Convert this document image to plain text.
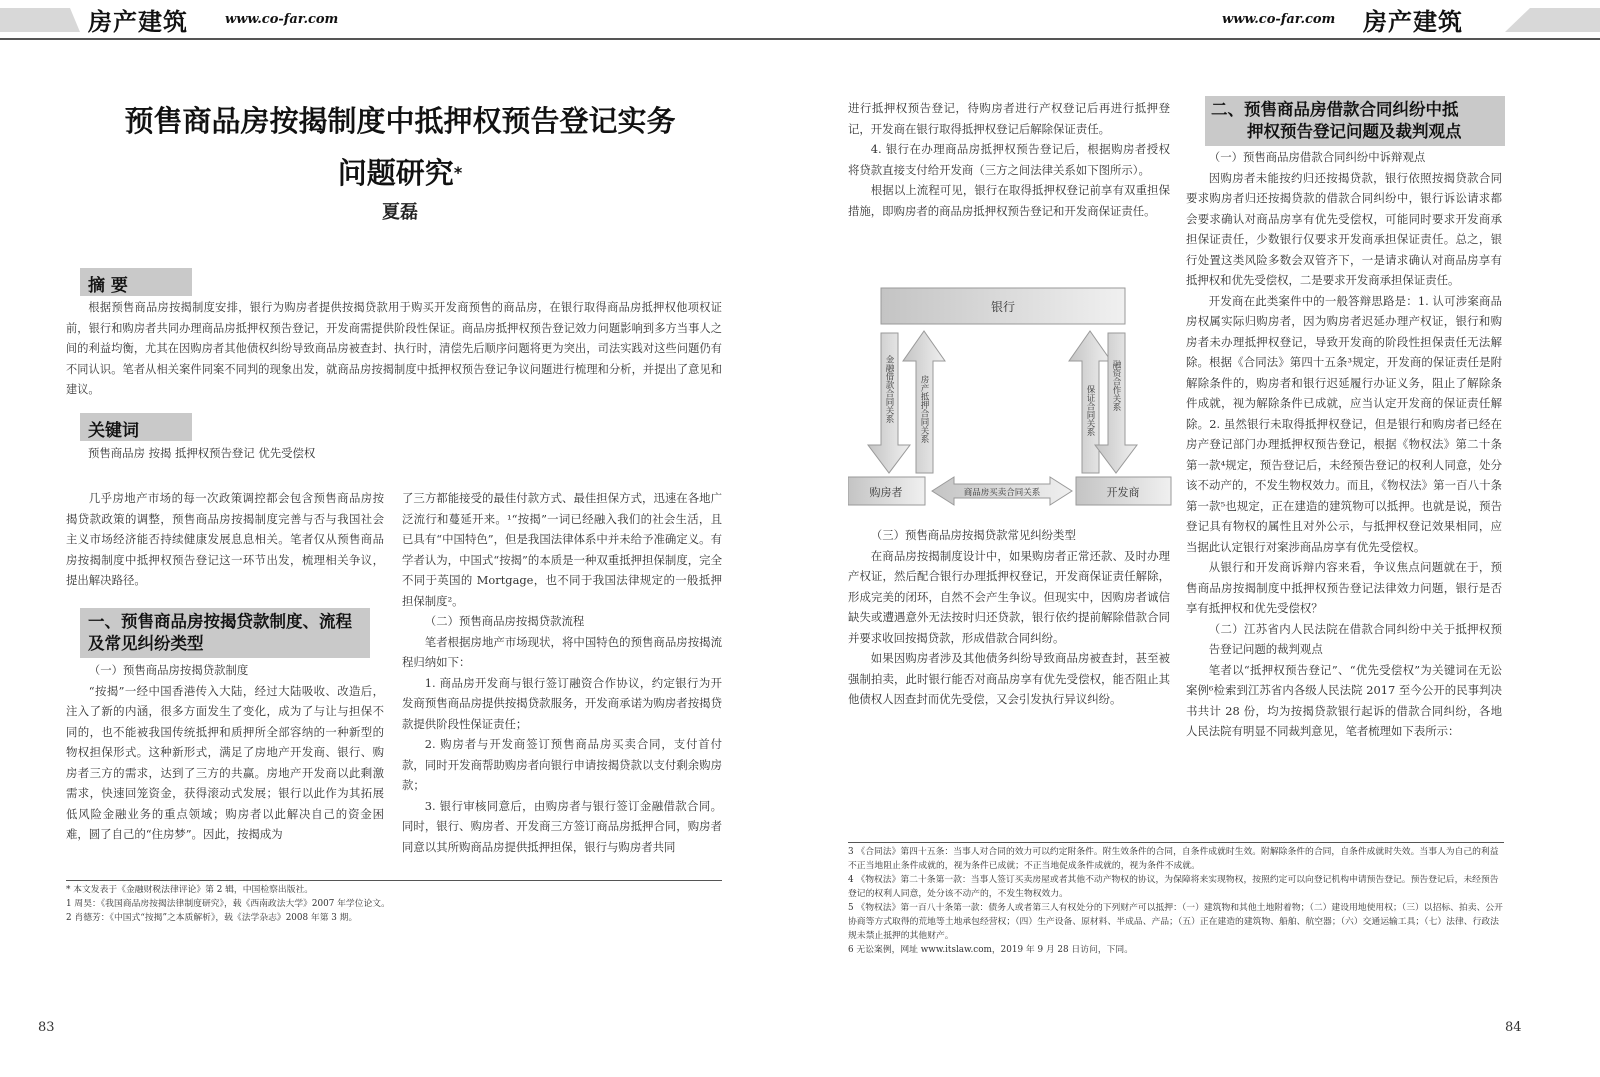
房产建筑	www.co-far.com	www.co-far.com 房产建筑
预售商品房按揭制度中抵押权预告登记实务
问题研究*
夏磊
摘 要

根据预售商品房按揭制度安排，银行为购房者提供按揭贷款用于购买开发商预售的商品房，在银行取得商品房抵押权他项权证前，银行和购房者共同办理商品房抵押权预告登记，开发商需提供阶段性保证。商品房抵押权预告登记效力问题影响到多方当事人之间的利益均衡，尤其在因购房者其他债权纠纷导致商品房被查封、执行时，清偿先后顺序问题将更为突出，司法实践对这些问题仍有不同认识。笔者从相关案件同案不同判的现象出发，就商品房按揭制度中抵押权预告登记争议问题进行梳理和分析，并提出了意见和建议。

关键词
预售商品房 按揭 抵押权预告登记 优先受偿权

几乎房地产市场的每一次政策调控都会包含预售商品房按揭贷款政策的调整，预售商品房按揭制度完善与否与我国社会主义市场经济能否持续健康发展息息相关。笔者仅从预售商品房按揭制度中抵押权预告登记这一环节出发，梳理相关争议，提出解决路径。

一、预售商品房按揭贷款制度、流程及常见纠纷类型
（一）预售商品房按揭贷款制度

“按揭”一经中国香港传入大陆，经过大陆吸收、改造后，注入了新的内涵，很多方面发生了变化，成为了与让与担保不同的，也不能被我国传统抵押和质押所全部容纳的一种新型的物权担保形式。这种新形式，满足了房地产开发商、银行、购房者三方的需求，达到了三方的共赢。房地产开发商以此剩激需求，快速回笼资金，获得滚动式发展；银行以此作为其拓展低风险金融业务的重点领域；购房者以此解决自己的资金困难，圆了自己的“住房梦”。因此，按揭成为

了三方都能接受的最佳付款方式、最佳担保方式，迅速在各地广泛流行和蔓延开来。¹“按揭”一词已经融入我们的社会生活，且已具有“中国特色”，但是我国法律体系中并未给予准确定义。有学者认为，中国式“按揭”的本质是一种双重抵押担保制度，完全不同于英国的 Mortgage，也不同于我国法律规定的一般抵押担保制度²。

（二）预售商品房按揭贷款流程

笔者根据房地产市场现状，将中国特色的预售商品房按揭流程归纳如下：

1. 商品房开发商与银行签订融资合作协议，约定银行为开发商预售商品房提供按揭贷款服务，开发商承诺为购房者按揭贷款提供阶段性保证责任；

2. 购房者与开发商签订预售商品房买卖合同，支付首付款，同时开发商帮助购房者向银行申请按揭贷款以支付剩余购房款；

3. 银行审核同意后，由购房者与银行签订金融借款合同。同时，银行、购房者、开发商三方签订商品房抵押合同，购房者同意以其所购商品房提供抵押担保，银行与购房者共同

* 本文发表于《金融财税法律评论》第 2 辑，中国检察出版社。
1 周昊：《我国商品房按揭法律制度研究》，载《西南政法大学》2007 年学位论文。
2 肖德芳：《中国式“按揭”之本质解析》，载《法学杂志》2008 年第 3 期。

进行抵押权预告登记，待购房者进行产权登记后再进行抵押登记，开发商在银行取得抵押权登记后解除保证责任。

4. 银行在办理商品房抵押权预告登记后，根据购房者授权将贷款直接支付给开发商（三方之间法律关系如下图所示）。

根据以上流程可见，银行在取得抵押权登记前享有双重担保措施，即购房者的商品房抵押权预告登记和开发商保证责任。

银行
购房者	开发商
金融借款合同关系	房产抵押合同关系	保证合同关系 融资合作关系
商品房买卖合同关系
（三）预售商品房按揭贷款常见纠纷类型

在商品房按揭制度设计中，如果购房者正常还款、及时办理产权证，然后配合银行办理抵押权登记，开发商保证责任解除，形成完美的闭环，自然不会产生争议。但现实中，因购房者诚信缺失或遭遇意外无法按时归还贷款，银行依约提前解除借款合同并要求收回按揭贷款，形成借款合同纠纷。

如果因购房者涉及其他债务纠纷导致商品房被查封，甚至被强制拍卖，此时银行能否对商品房享有优先受偿权，能否阻止其他债权人因查封而优先受偿，又会引发执行异议纠纷。

二、预售商品房借款合同纠纷中抵
押权预告登记问题及裁判观点
（一）预售商品房借款合同纠纷中诉辩观点

因购房者未能按约归还按揭贷款，银行依照按揭贷款合同要求购房者归还按揭贷款的借款合同纠纷中，银行诉讼请求都会要求确认对商品房享有优先受偿权，可能同时要求开发商承担保证责任，少数银行仅要求开发商承担保证责任。总之，银行处置这类风险多数会双管齐下，一是请求确认对商品房享有抵押权和优先受偿权，二是要求开发商承担保证责任。

开发商在此类案件中的一般答辩思路是：1. 认可涉案商品房权属实际归购房者，因为购房者迟延办理产权证，银行和购房者未办理抵押权登记，导致开发商的阶段性担保责任无法解除。根据《合同法》第四十五条³规定，开发商的保证责任是附解除条件的，购房者和银行迟延履行办证义务，阻止了解除条件成就，视为解除条件已成就，应当认定开发商的保证责任解除。2. 虽然银行未取得抵押权登记，但是银行和购房者已经在房产登记部门办理抵押权预告登记，根据《物权法》第二十条第一款⁴规定，预告登记后，未经预告登记的权利人同意，处分该不动产的，不发生物权效力。而且，《物权法》第一百八十条第一款⁵也规定，正在建造的建筑物可以抵押。也就是说，预告登记具有物权的属性且对外公示，与抵押权登记效果相同，应当据此认定银行对案涉商品房享有优先受偿权。

从银行和开发商诉辩内容来看，争议焦点问题就在于，预售商品房按揭制度中抵押权预告登记法律效力问题，银行是否享有抵押权和优先受偿权？

（二）江苏省内人民法院在借款合同纠纷中关于抵押权预告登记问题的裁判观点

笔者以“抵押权预告登记”、“优先受偿权”为关键词在无讼案例⁶检索到江苏省内各级人民法院 2017 至今公开的民事判决书共计 28 份，均为按揭贷款银行起诉的借款合同纠纷，各地人民法院有明显不同裁判意见，笔者梳理如下表所示：

3 《合同法》第四十五条：当事人对合同的效力可以约定附条件。附生效条件的合同，自条件成就时生效。附解除条件的合同，自条件成就时失效。当事人为自己的利益不正当地阻止条件成就的，视为条件已成就；不正当地促成条件成就的，视为条件不成就。
4 《物权法》第二十条第一款：当事人签订买卖房屋或者其他不动产物权的协议，为保障将来实现物权，按照约定可以向登记机构申请预告登记。预告登记后，未经预告登记的权利人同意，处分该不动产的，不发生物权效力。
5 《物权法》第一百八十条第一款：债务人或者第三人有权处分的下列财产可以抵押：（一）建筑物和其他土地附着物；（二）建设用地使用权；（三）以招标、拍卖、公开协商等方式取得的荒地等土地承包经营权；（四）生产设备、原材料、半成品、产品；（五）正在建造的建筑物、船舶、航空器；（六）交通运输工具；（七）法律、行政法规未禁止抵押的其他财产。
6 无讼案例，网址 www.itslaw.com，2019 年 9 月 28 日访问，下同。
83	84
